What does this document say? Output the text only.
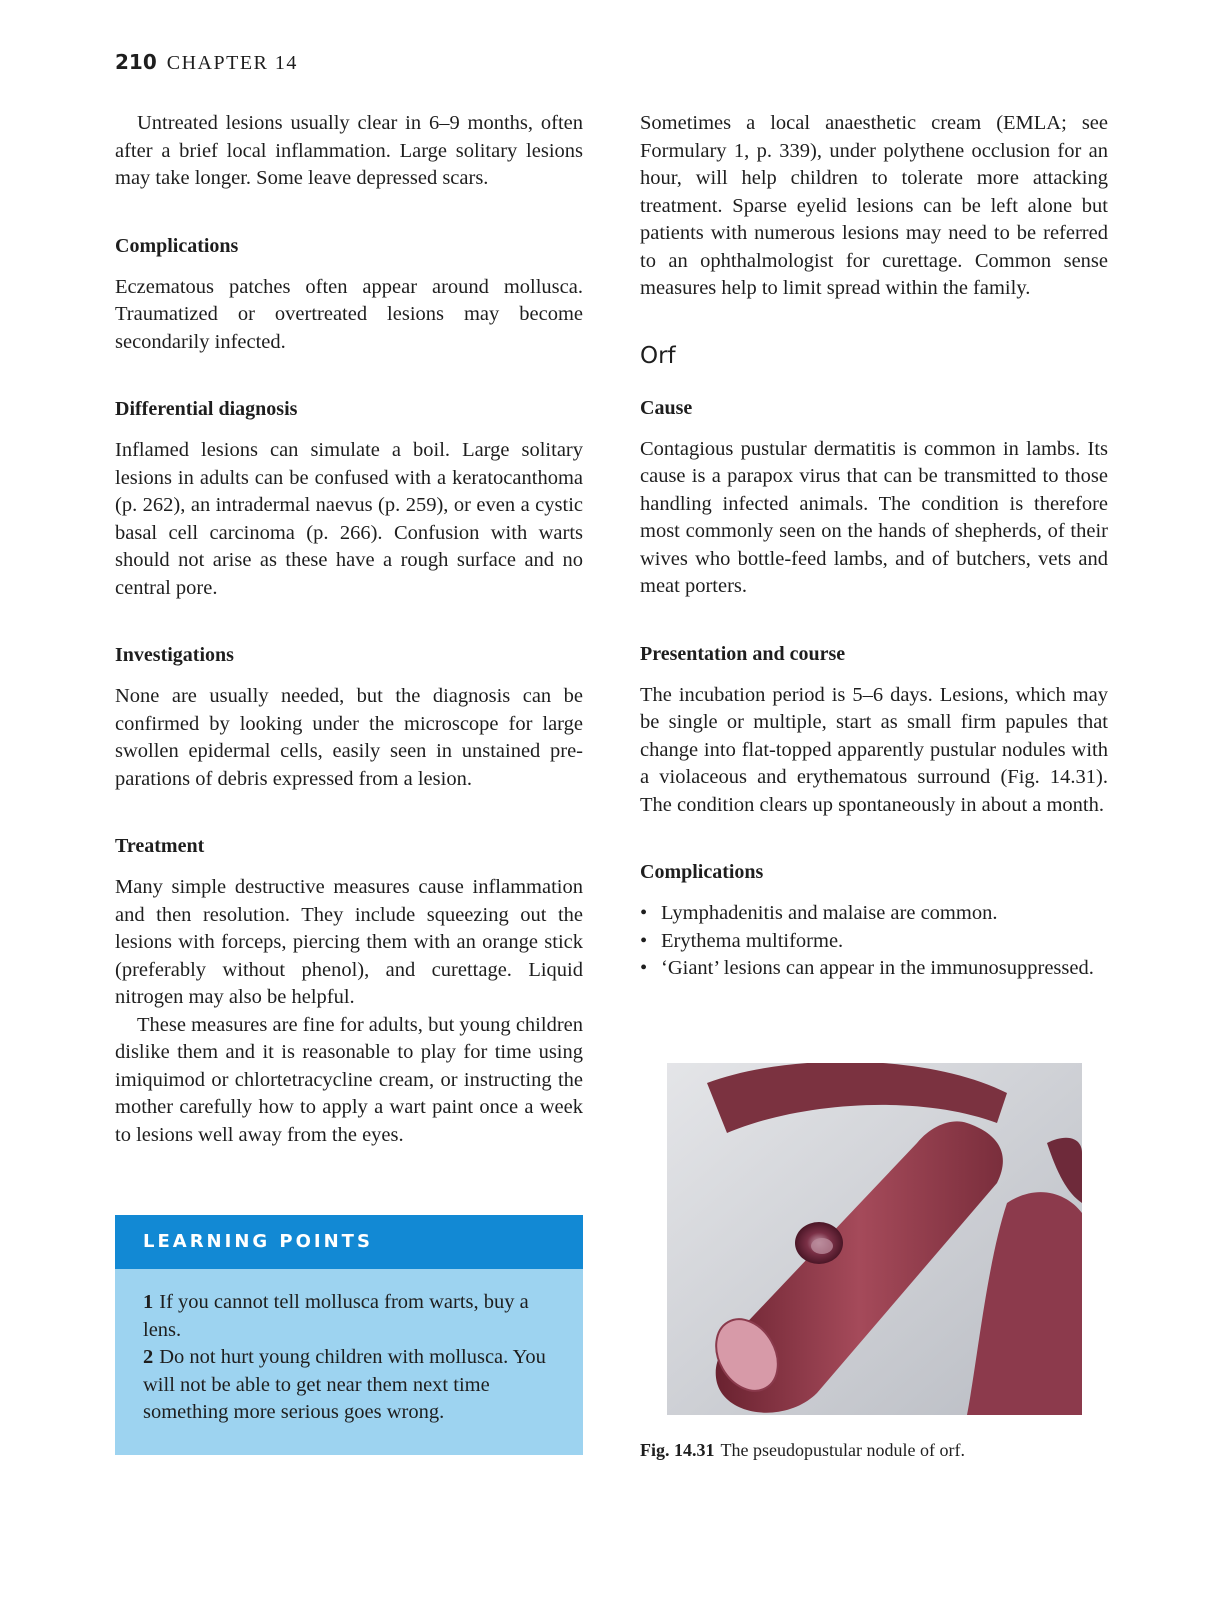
210 CHAPTER 14

Untreated lesions usually clear in 6–9 months, often after a brief local inflammation. Large solitary lesions may take longer. Some leave depressed scars.

Complications

Eczematous patches often appear around mollusca. Traumatized or overtreated lesions may become secondarily infected.

Differential diagnosis

Inflamed lesions can simulate a boil. Large solitary lesions in adults can be confused with a keratocanthoma (p. 262), an intradermal naevus (p. 259), or even a cystic basal cell carcinoma (p. 266). Confusion with warts should not arise as these have a rough surface and no central pore.

Investigations

None are usually needed, but the diagnosis can be confirmed by looking under the microscope for large swollen epidermal cells, easily seen in unstained preparations of debris expressed from a lesion.

Treatment

Many simple destructive measures cause inflammation and then resolution. They include squeezing out the lesions with forceps, piercing them with an orange stick (preferably without phenol), and curettage. Liquid nitrogen may also be helpful.

These measures are fine for adults, but young children dislike them and it is reasonable to play for time using imiquimod or chlortetracycline cream, or instructing the mother carefully how to apply a wart paint once a week to lesions well away from the eyes.

LEARNING POINTS

1 If you cannot tell mollusca from warts, buy a lens.

2 Do not hurt young children with mollusca. You will not be able to get near them next time something more serious goes wrong.

Sometimes a local anaesthetic cream (EMLA; see Formulary 1, p. 339), under polythene occlusion for an hour, will help children to tolerate more attacking treatment. Sparse eyelid lesions can be left alone but patients with numerous lesions may need to be referred to an ophthalmologist for curettage. Common sense measures help to limit spread within the family.

Orf
Cause

Contagious pustular dermatitis is common in lambs. Its cause is a parapox virus that can be transmitted to those handling infected animals. The condition is therefore most commonly seen on the hands of shepherds, of their wives who bottle-feed lambs, and of butchers, vets and meat porters.

Presentation and course

The incubation period is 5–6 days. Lesions, which may be single or multiple, start as small firm papules that change into flat-topped apparently pustular nodules with a violaceous and erythematous surround (Fig. 14.31). The condition clears up spontaneously in about a month.

Complications
• Lymphadenitis and malaise are common.
• Erythema multiforme.
• ‘Giant’ lesions can appear in the immunosuppressed.
Fig. 14.31 The pseudopustular nodule of orf.
